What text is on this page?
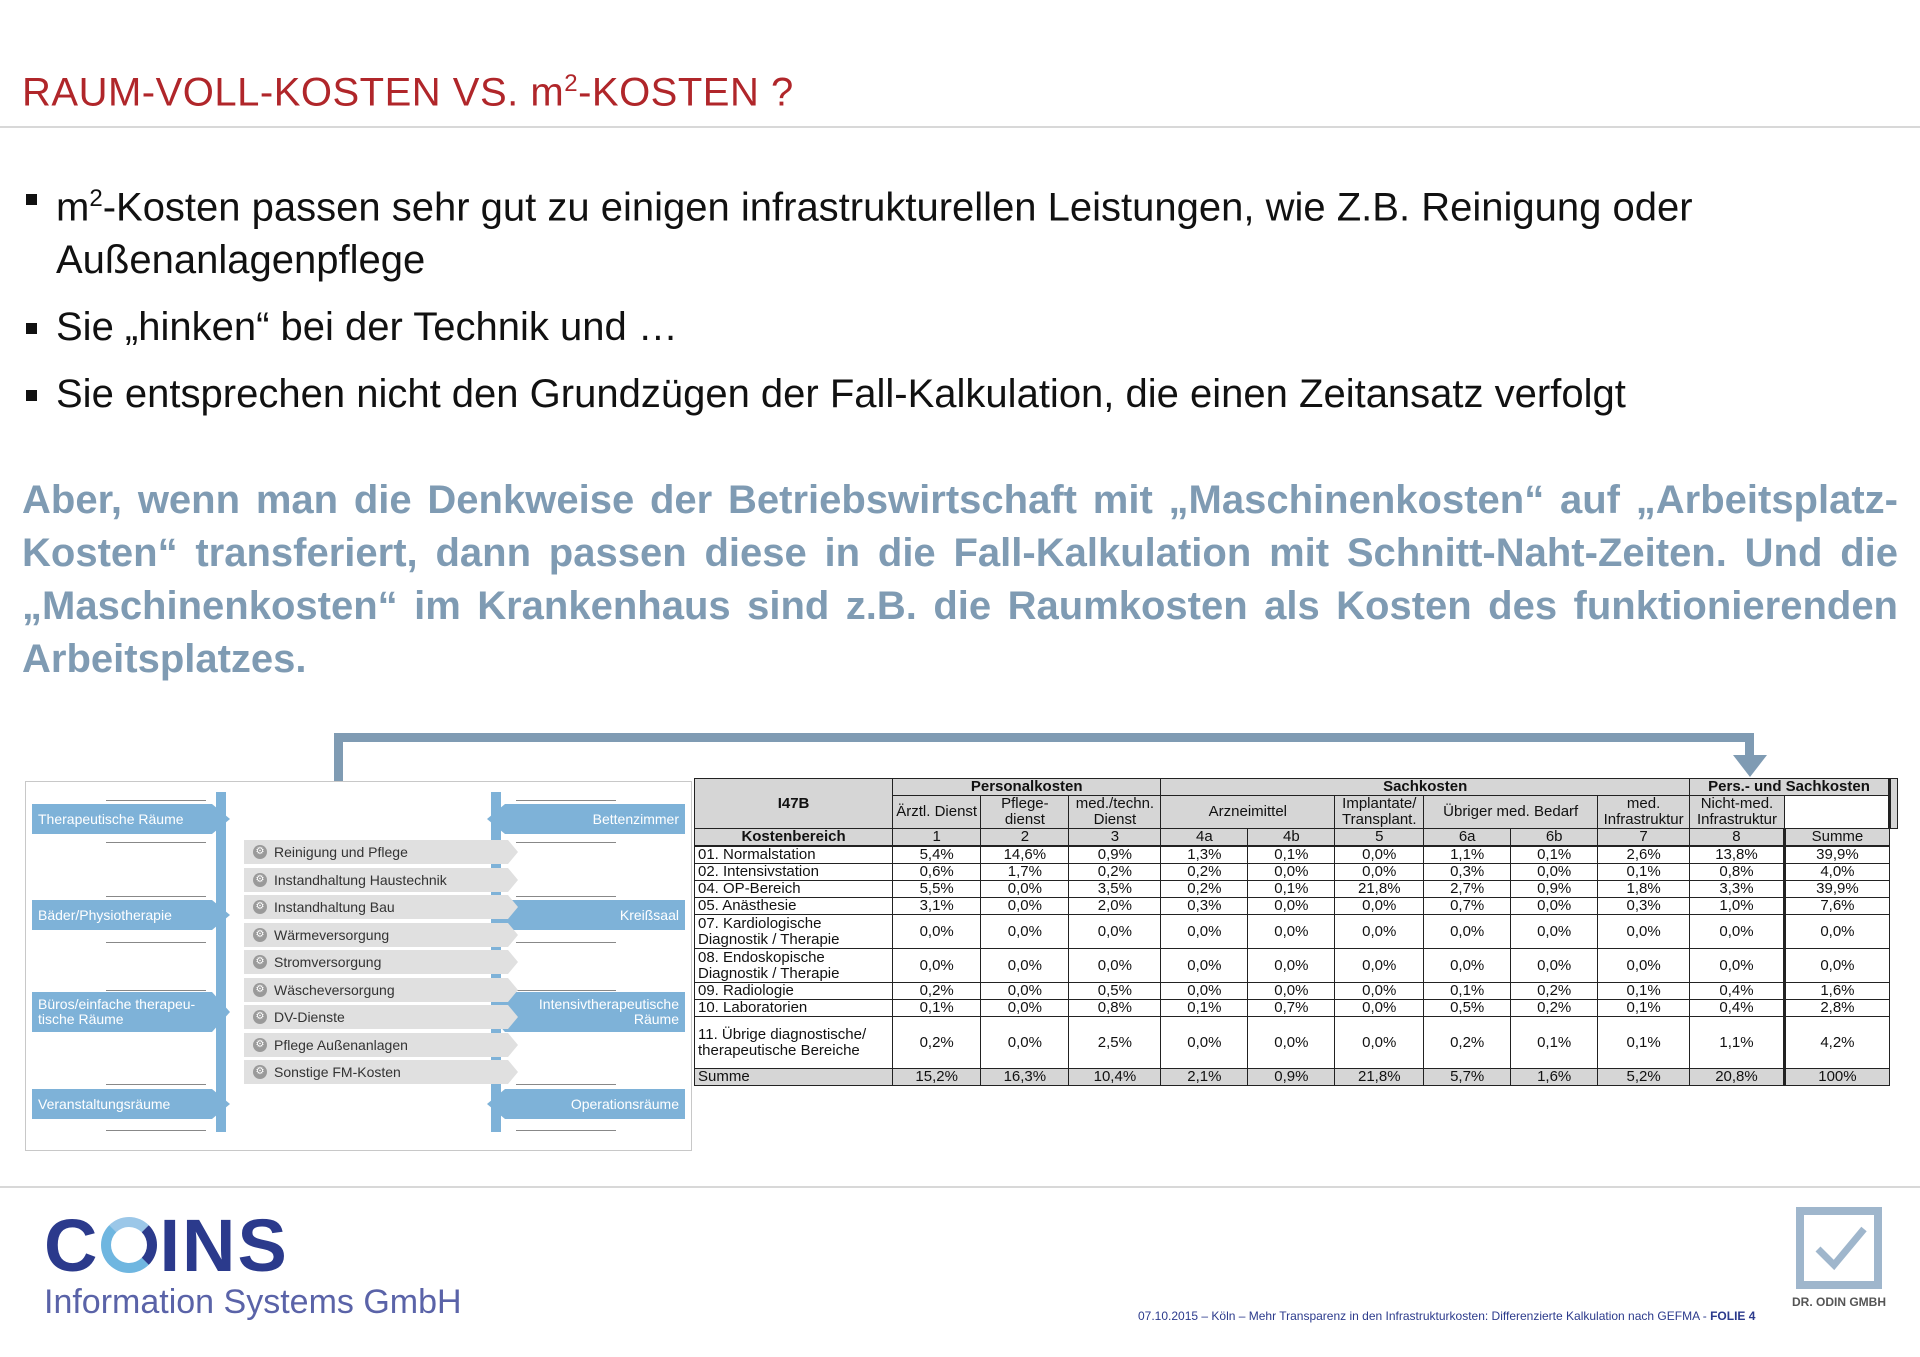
RAUM-VOLL-KOSTEN VS. $m^2$-KOSTEN ?
$m^2$-Kosten passen sehr gut zu einigen infrastrukturellen Leistungen, wie Z.B. Reinigung oder Außenanlagenpflege
Sie „hinken“ bei der Technik und …
Sie entsprechen nicht den Grundzügen der Fall-Kalkulation, die einen Zeitansatz verfolgt
Aber, wenn man die Denkweise der Betriebswirtschaft mit „Maschinenkosten“ auf „Arbeitsplatz-Kosten“ transferiert, dann passen diese in die Fall-Kalkulation mit Schnitt-Naht-Zeiten. Und die „Maschinenkosten“ im Krankenhaus sind z.B. die Raumkosten als Kosten des funktionierenden Arbeitsplatzes.
Therapeutische Räume
Bäder/Physiotherapie
Büros/einfache therapeu-tische Räume
Veranstaltungsräume
Bettenzimmer
Kreißsaal
Intensivtherapeutische Räume
Operationsräume
⚙ Reinigung und Pflege
⚙ Instandhaltung Haustechnik
⚙ Instandhaltung Bau
⚙ Wärmeversorgung
⚙ Stromversorgung
⚙ Wäscheversorgung
⚙ DV-Dienste
⚙ Pflege Außenanlagen
⚙ Sonstige FM-Kosten
I47B	Personalkosten			Sachkosten						Pers.- und Sachkosten		
	Ärztl. Dienst	Pflege-dienst	med./techn. Dienst	Arzneimittel		Implantate/ Transplant.	Übriger med. Bedarf		med. Infrastruktur	Nicht-med. Infrastruktur		
Kostenbereich	1	2	3	4a	4b	5	6a	6b	7	8	Summe	
01. Normalstation	5,4%	14,6%	0,9%	1,3%	0,1%	0,0%	1,1%	0,1%	2,6%	13,8%	39,9%	
02. Intensivstation	0,6%	1,7%	0,2%	0,2%	0,0%	0,0%	0,3%	0,0%	0,1%	0,8%	4,0%	
04. OP-Bereich	5,5%	0,0%	3,5%	0,2%	0,1%	21,8%	2,7%	0,9%	1,8%	3,3%	39,9%	
05. Anästhesie	3,1%	0,0%	2,0%	0,3%	0,0%	0,0%	0,7%	0,0%	0,3%	1,0%	7,6%	
07. Kardiologische Diagnostik / Therapie	0,0%	0,0%	0,0%	0,0%	0,0%	0,0%	0,0%	0,0%	0,0%	0,0%	0,0%	
08. Endoskopische Diagnostik / Therapie	0,0%	0,0%	0,0%	0,0%	0,0%	0,0%	0,0%	0,0%	0,0%	0,0%	0,0%	
09. Radiologie	0,2%	0,0%	0,5%	0,0%	0,0%	0,0%	0,1%	0,2%	0,1%	0,4%	1,6%	
10. Laboratorien	0,1%	0,0%	0,8%	0,1%	0,7%	0,0%	0,5%	0,2%	0,1%	0,4%	2,8%	
11. Übrige diagnostische/ therapeutische Bereiche	0,2%	0,0%	2,5%	0,0%	0,0%	0,0%	0,2%	0,1%	0,1%	1,1%	4,2%	
Summe	15,2%	16,3%	10,4%	2,1%	0,9%	21,8%	5,7%	1,6%	5,2%	20,8%	100%	
C INS
Information Systems GmbH	07.10.2015 – Köln – Mehr Transparenz in den Infrastrukturkosten: Differenzierte Kalkulation nach GEFMA - FOLIE 4
DR. ODIN GMBH
